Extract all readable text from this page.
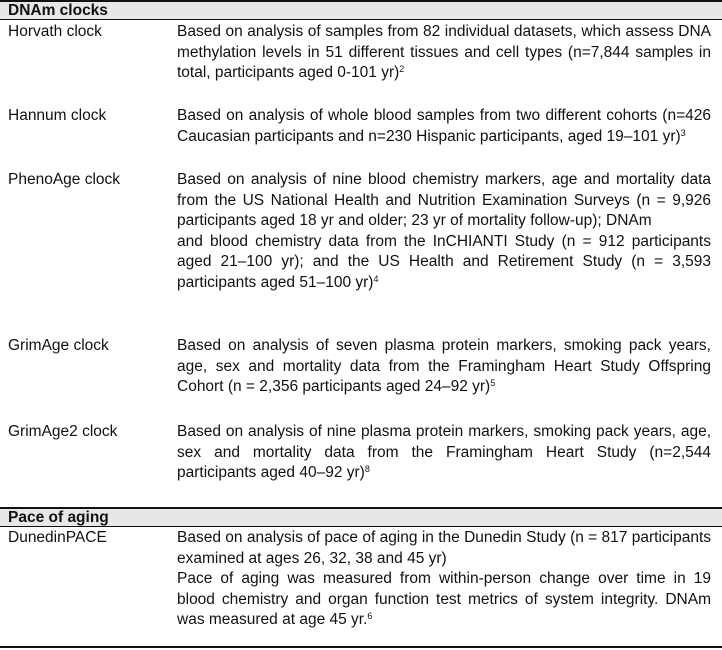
DNAm clocks
Horvath clock	Based on analysis of samples from 82 individual datasets, which assess DNA methylation levels in 51 different tissues and cell types (n=7,844 samples in total, participants aged 0-101 yr)$^2$
Hannum clock	Based on analysis of whole blood samples from two different cohorts (n=426 Caucasian participants and n=230 Hispanic participants, aged 19–101 yr)$^3$
PhenoAge clock	Based on analysis of nine blood chemistry markers, age and mortality data from the US National Health and Nutrition Examination Surveys (n = 9,926 participants aged 18 yr and older; 23 yr of mortality follow-up); DNAm
and blood chemistry data from the InCHIANTI Study (n = 912 participants aged 21–100 yr); and the US Health and Retirement Study (n = 3,593 participants aged 51–100 yr)$^4$
GrimAge clock	Based on analysis of seven plasma protein markers, smoking pack years, age, sex and mortality data from the Framingham Heart Study Offspring Cohort (n = 2,356 participants aged 24–92 yr)$^5$
GrimAge2 clock	Based on analysis of nine plasma protein markers, smoking pack years, age, sex and mortality data from the Framingham Heart Study (n=2,544 participants aged 40–92 yr)$^8$
Pace of aging
DunedinPACE	Based on analysis of pace of aging in the Dunedin Study (n = 817 participants examined at ages 26, 32, 38 and 45 yr)
Pace of aging was measured from within-person change over time in 19 blood chemistry and organ function test metrics of system integrity. DNAm was measured at age 45 yr.$^6$
